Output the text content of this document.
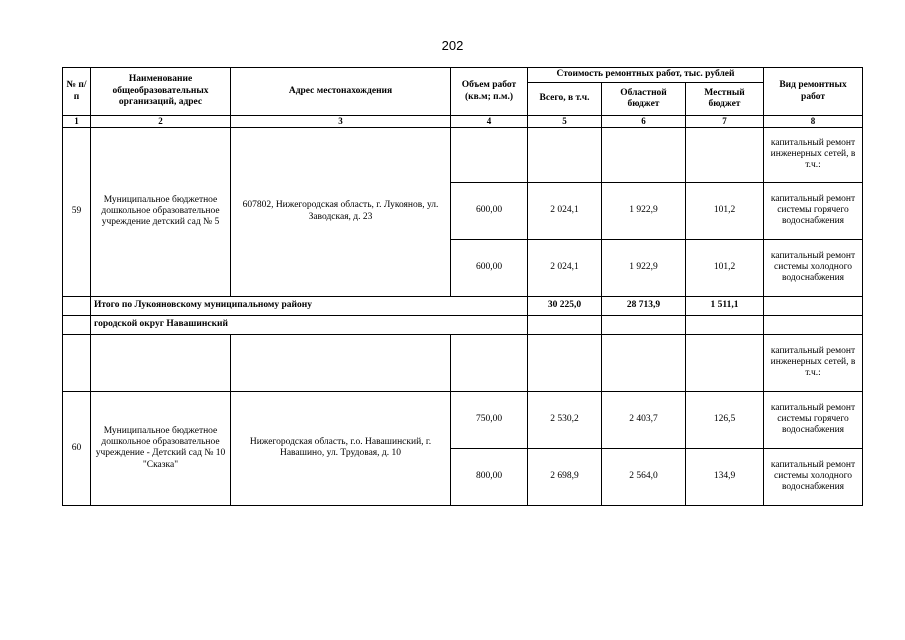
202
№ п/п	Наименование общеобразовательных организаций, адрес	Адрес местонахождения	Объем работ (кв.м; п.м.)	Стоимость ремонтных работ, тыс. рублей			Вид ремонтных работ
				Всего, в т.ч.	Областной бюджет	Местный бюджет	
1	2	3	4	5	6	7	8
59	Муниципальное бюджетное дошкольное образовательное учреждение детский сад № 5	607802, Нижегородская область, г. Лукоянов, ул. Заводская, д. 23					капитальный ремонт инженерных сетей, в т.ч.:
			600,00	2 024,1	1 922,9	101,2	капитальный ремонт системы горячего водоснабжения
			600,00	2 024,1	1 922,9	101,2	капитальный ремонт системы холодного водоснабжения
	Итого по Лукояновскому муниципальному району			30 225,0	28 713,9	1 511,1	
	городской округ Навашинский						
							капитальный ремонт инженерных сетей, в т.ч.:
60	Муниципальное бюджетное дошкольное образовательное учреждение - Детский сад № 10 "Сказка"	Нижегородская область, г.о. Навашинский, г. Навашино, ул. Трудовая, д. 10	750,00	2 530,2	2 403,7	126,5	капитальный ремонт системы горячего водоснабжения
			800,00	2 698,9	2 564,0	134,9	капитальный ремонт системы холодного водоснабжения
